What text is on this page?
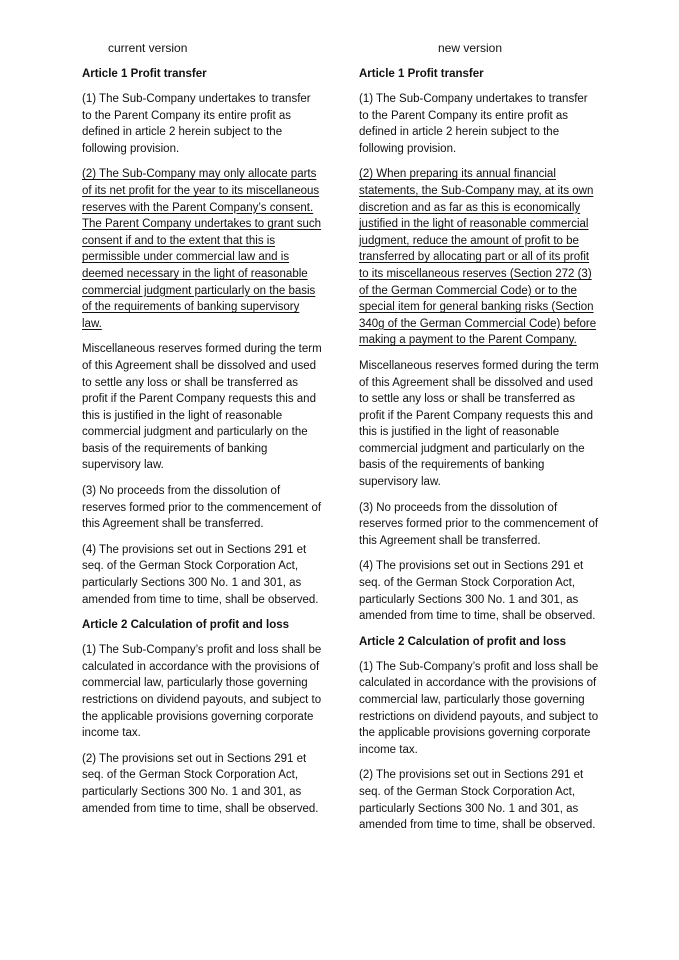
current version
Article 1 Profit transfer

(1) The Sub-Company undertakes to transfer to the Parent Company its entire profit as defined in article 2 herein subject to the following provision.

(2) The Sub-Company may only allocate parts of its net profit for the year to its miscellaneous reserves with the Parent Company’s consent. The Parent Company undertakes to grant such consent if and to the extent that this is permissible under commercial law and is deemed necessary in the light of reasonable commercial judgment particularly on the basis of the requirements of banking supervisory law.

Miscellaneous reserves formed during the term of this Agreement shall be dissolved and used to settle any loss or shall be transferred as profit if the Parent Company requests this and this is justified in the light of reasonable commercial judgment and particularly on the basis of the requirements of banking supervisory law.

(3) No proceeds from the dissolution of reserves formed prior to the commencement of this Agreement shall be transferred.

(4) The provisions set out in Sections 291 et seq. of the German Stock Corporation Act, particularly Sections 300 No. 1 and 301, as amended from time to time, shall be observed.

Article 2 Calculation of profit and loss

(1) The Sub-Company’s profit and loss shall be calculated in accordance with the provisions of commercial law, particularly those governing restrictions on dividend payouts, and subject to the applicable provisions governing corporate income tax.

(2) The provisions set out in Sections 291 et seq. of the German Stock Corporation Act, particularly Sections 300 No. 1 and 301, as amended from time to time, shall be observed.

new version
Article 1 Profit transfer

(1) The Sub-Company undertakes to transfer to the Parent Company its entire profit as defined in article 2 herein subject to the following provision.

(2) When preparing its annual financial statements, the Sub-Company may, at its own discretion and as far as this is economically justified in the light of reasonable commercial judgment, reduce the amount of profit to be transferred by allocating part or all of its profit to its miscellaneous reserves (Section 272 (3) of the German Commercial Code) or to the special item for general banking risks (Section 340g of the German Commercial Code) before making a payment to the Parent Company.

Miscellaneous reserves formed during the term of this Agreement shall be dissolved and used to settle any loss or shall be transferred as profit if the Parent Company requests this and this is justified in the light of reasonable commercial judgment and particularly on the basis of the requirements of banking supervisory law.

(3) No proceeds from the dissolution of reserves formed prior to the commencement of this Agreement shall be transferred.

(4) The provisions set out in Sections 291 et seq. of the German Stock Corporation Act, particularly Sections 300 No. 1 and 301, as amended from time to time, shall be observed.

Article 2 Calculation of profit and loss

(1) The Sub-Company’s profit and loss shall be calculated in accordance with the provisions of commercial law, particularly those governing restrictions on dividend payouts, and subject to the applicable provisions governing corporate income tax.

(2) The provisions set out in Sections 291 et seq. of the German Stock Corporation Act, particularly Sections 300 No. 1 and 301, as amended from time to time, shall be observed.
